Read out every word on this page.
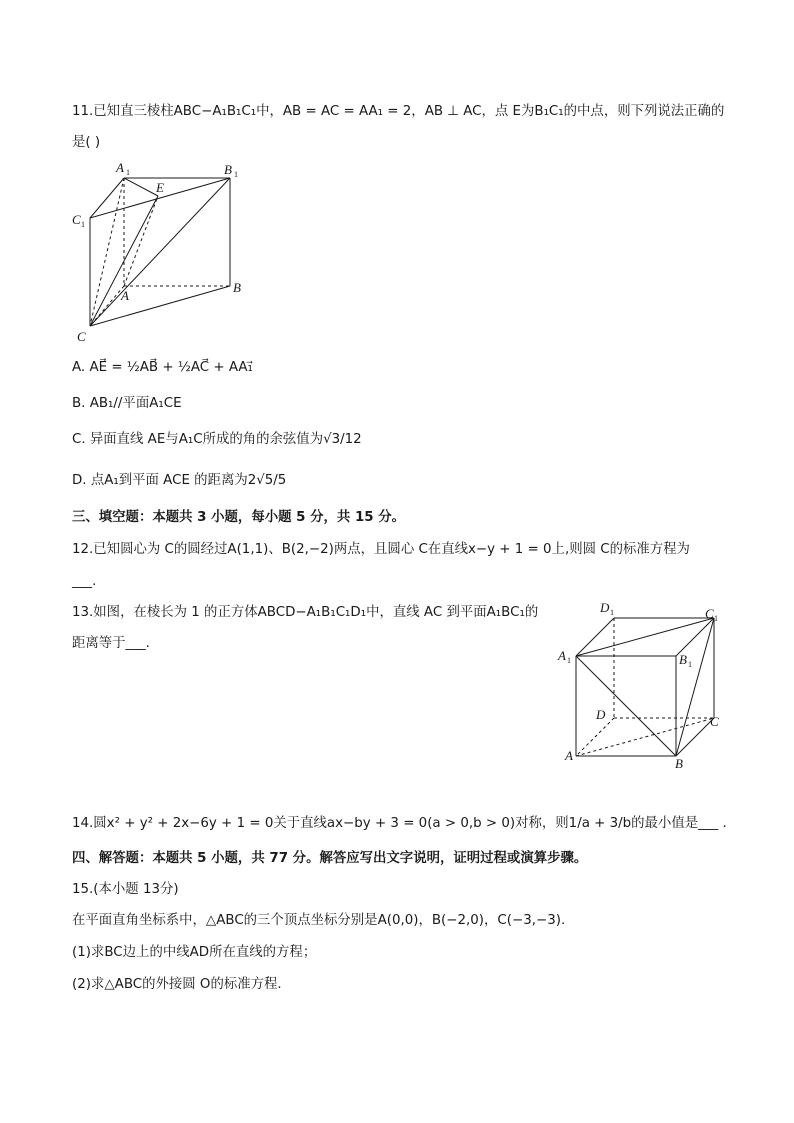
11.已知直三棱柱ABC−A₁B₁C₁中，AB = AC = AA₁ = 2，AB ⊥ AC，点 E为B₁C₁的中点，则下列说法正确的
是( )
A 1	B 1
E
C 1
A
B
C
A. AE⃗ = ½AB⃗ + ½AC⃗ + AA₁⃗
B. AB₁//平面A₁CE
C. 异面直线 AE与A₁C所成的角的余弦值为√3/12
D. 点A₁到平面 ACE 的距离为2√5/5
三、填空题：本题共 3 小题，每小题 5 分，共 15 分。
12.已知圆心为 C的圆经过A(1,1)、B(2,−2)两点，且圆心 C在直线x−y + 1 = 0上,则圆 C的标准方程为
___.
13.如图，在棱长为 1 的正方体ABCD−A₁B₁C₁D₁中，直线 AC 到平面A₁BC₁的
距离等于___.
D 1	C 1
A 1	B 1
D	C
A
B
14.圆x² + y² + 2x−6y + 1 = 0关于直线ax−by + 3 = 0(a > 0,b > 0)对称，则1/a + 3/b的最小值是___ .
四、解答题：本题共 5 小题，共 77 分。解答应写出文字说明，证明过程或演算步骤。
15.(本小题 13分)
在平面直角坐标系中，△ABC的三个顶点坐标分别是A(0,0)，B(−2,0)，C(−3,−3).
(1)求BC边上的中线AD所在直线的方程；
(2)求△ABC的外接圆 O的标准方程.
